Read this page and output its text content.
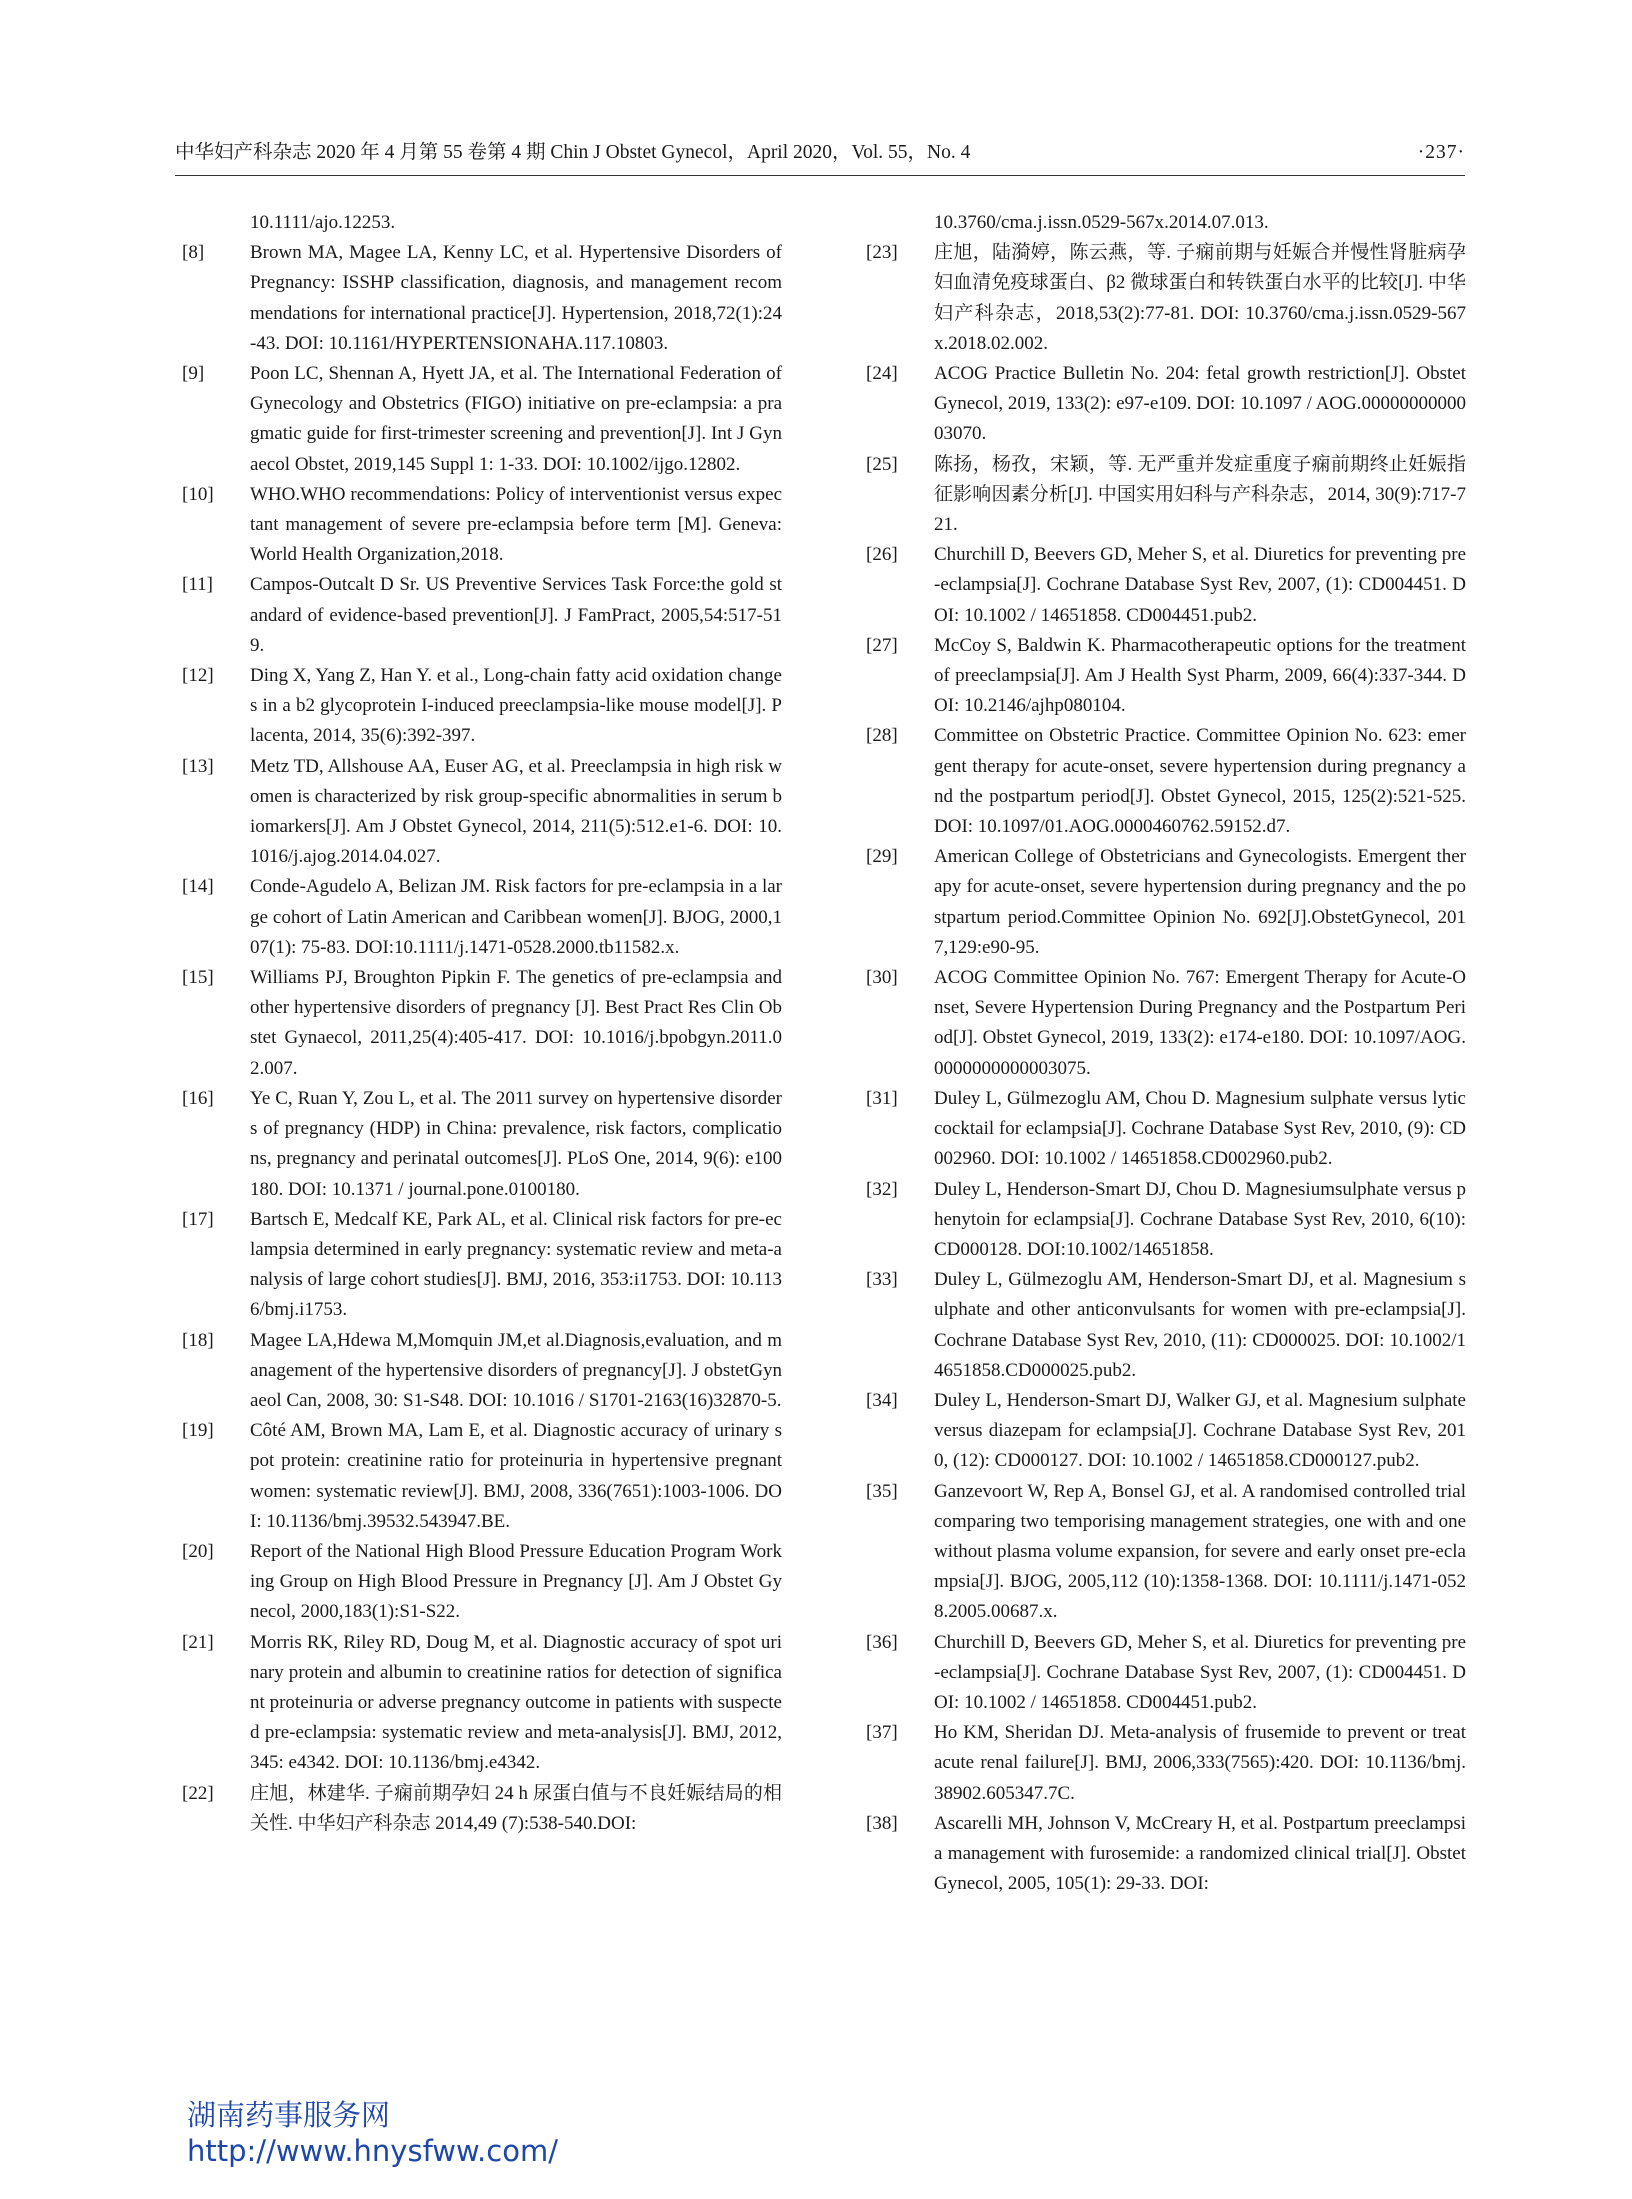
中华妇产科杂志 2020 年 4 月第 55 卷第 4 期 Chin J Obstet Gynecol，April 2020，Vol. 55，No. 4	·237·
10.1111/ajo.12253.
[8]	Brown MA, Magee LA, Kenny LC, et al. Hypertensive Disorders of Pregnancy: ISSHP classification, diagnosis, and management recommendations for international practice[J]. Hypertension, 2018,72(1):24-43. DOI: 10.1161/HYPERTENSIONAHA.117.10803.
[9]	Poon LC, Shennan A, Hyett JA, et al. The International Federation of Gynecology and Obstetrics (FIGO) initiative on pre-eclampsia: a pragmatic guide for first-trimester screening and prevention[J]. Int J Gynaecol Obstet, 2019,145 Suppl 1: 1-33. DOI: 10.1002/ijgo.12802.
[10]	WHO.WHO recommendations: Policy of interventionist versus expectant management of severe pre-eclampsia before term [M]. Geneva:World Health Organization,2018.
[11]	Campos-Outcalt D Sr. US Preventive Services Task Force:the gold standard of evidence-based prevention[J]. J FamPract, 2005,54:517-519.
[12]	Ding X, Yang Z, Han Y. et al., Long-chain fatty acid oxidation changes in a b2 glycoprotein I-induced preeclampsia-like mouse model[J]. Placenta, 2014, 35(6):392-397.
[13]	Metz TD, Allshouse AA, Euser AG, et al. Preeclampsia in high risk women is characterized by risk group-specific abnormalities in serum biomarkers[J]. Am J Obstet Gynecol, 2014, 211(5):512.e1-6. DOI: 10.1016/j.ajog.2014.04.027.
[14]	Conde-Agudelo A, Belizan JM. Risk factors for pre-eclampsia in a large cohort of Latin American and Caribbean women[J]. BJOG, 2000,107(1): 75-83. DOI:10.1111/j.1471-0528.2000.tb11582.x.
[15]	Williams PJ, Broughton Pipkin F. The genetics of pre-eclampsia and other hypertensive disorders of pregnancy [J]. Best Pract Res Clin Obstet Gynaecol, 2011,25(4):405-417. DOI: 10.1016/j.bpobgyn.2011.02.007.
[16]	Ye C, Ruan Y, Zou L, et al. The 2011 survey on hypertensive disorders of pregnancy (HDP) in China: prevalence, risk factors, complications, pregnancy and perinatal outcomes[J]. PLoS One, 2014, 9(6): e100180. DOI: 10.1371 / journal.pone.0100180.
[17]	Bartsch E, Medcalf KE, Park AL, et al. Clinical risk factors for pre-eclampsia determined in early pregnancy: systematic review and meta-analysis of large cohort studies[J]. BMJ, 2016, 353:i1753. DOI: 10.1136/bmj.i1753.
[18]	Magee LA,Hdewa M,Momquin JM,et al.Diagnosis,evaluation, and management of the hypertensive disorders of pregnancy[J]. J obstetGynaeol Can, 2008, 30: S1-S48. DOI: 10.1016 / S1701-2163(16)32870-5.
[19]	Côté AM, Brown MA, Lam E, et al. Diagnostic accuracy of urinary spot protein: creatinine ratio for proteinuria in hypertensive pregnant women: systematic review[J]. BMJ, 2008, 336(7651):1003-1006. DOI: 10.1136/bmj.39532.543947.BE.
[20]	Report of the National High Blood Pressure Education Program Working Group on High Blood Pressure in Pregnancy [J]. Am J Obstet Gynecol, 2000,183(1):S1-S22.
[21]	Morris RK, Riley RD, Doug M, et al. Diagnostic accuracy of spot urinary protein and albumin to creatinine ratios for detection of significant proteinuria or adverse pregnancy outcome in patients with suspected pre-eclampsia: systematic review and meta-analysis[J]. BMJ, 2012, 345: e4342. DOI: 10.1136/bmj.e4342.
[22]	庄旭，林建华. 子痫前期孕妇 24 h 尿蛋白值与不良妊娠结局的相关性. 中华妇产科杂志 2014,49 (7):538-540.DOI:
10.3760/cma.j.issn.0529-567x.2014.07.013.
[23]	庄旭，陆漪婷，陈云燕，等. 子痫前期与妊娠合并慢性肾脏病孕妇血清免疫球蛋白、β2 微球蛋白和转铁蛋白水平的比较[J]. 中华妇产科杂志，2018,53(2):77-81. DOI: 10.3760/cma.j.issn.0529-567x.2018.02.002.
[24]	ACOG Practice Bulletin No. 204: fetal growth restriction[J]. Obstet Gynecol, 2019, 133(2): e97-e109. DOI: 10.1097 / AOG.0000000000003070.
[25]	陈扬，杨孜，宋颖，等. 无严重并发症重度子痫前期终止妊娠指征影响因素分析[J]. 中国实用妇科与产科杂志，2014, 30(9):717-721.
[26]	Churchill D, Beevers GD, Meher S, et al. Diuretics for preventing pre-eclampsia[J]. Cochrane Database Syst Rev, 2007, (1): CD004451. DOI: 10.1002 / 14651858. CD004451.pub2.
[27]	McCoy S, Baldwin K. Pharmacotherapeutic options for the treatment of preeclampsia[J]. Am J Health Syst Pharm, 2009, 66(4):337-344. DOI: 10.2146/ajhp080104.
[28]	Committee on Obstetric Practice. Committee Opinion No. 623: emergent therapy for acute-onset, severe hypertension during pregnancy and the postpartum period[J]. Obstet Gynecol, 2015, 125(2):521-525. DOI: 10.1097/01.AOG.0000460762.59152.d7.
[29]	American College of Obstetricians and Gynecologists. Emergent therapy for acute-onset, severe hypertension during pregnancy and the postpartum period.Committee Opinion No. 692[J].ObstetGynecol, 2017,129:e90-95.
[30]	ACOG Committee Opinion No. 767: Emergent Therapy for Acute-Onset, Severe Hypertension During Pregnancy and the Postpartum Period[J]. Obstet Gynecol, 2019, 133(2): e174-e180. DOI: 10.1097/AOG.0000000000003075.
[31]	Duley L, Gülmezoglu AM, Chou D. Magnesium sulphate versus lytic cocktail for eclampsia[J]. Cochrane Database Syst Rev, 2010, (9): CD002960. DOI: 10.1002 / 14651858.CD002960.pub2.
[32]	Duley L, Henderson-Smart DJ, Chou D. Magnesiumsulphate versus phenytoin for eclampsia[J]. Cochrane Database Syst Rev, 2010, 6(10):CD000128. DOI:10.1002/14651858.
[33]	Duley L, Gülmezoglu AM, Henderson-Smart DJ, et al. Magnesium sulphate and other anticonvulsants for women with pre-eclampsia[J]. Cochrane Database Syst Rev, 2010, (11): CD000025. DOI: 10.1002/14651858.CD000025.pub2.
[34]	Duley L, Henderson-Smart DJ, Walker GJ, et al. Magnesium sulphate versus diazepam for eclampsia[J]. Cochrane Database Syst Rev, 2010, (12): CD000127. DOI: 10.1002 / 14651858.CD000127.pub2.
[35]	Ganzevoort W, Rep A, Bonsel GJ, et al. A randomised controlled trial comparing two temporising management strategies, one with and one without plasma volume expansion, for severe and early onset pre-eclampsia[J]. BJOG, 2005,112 (10):1358-1368. DOI: 10.1111/j.1471-0528.2005.00687.x.
[36]	Churchill D, Beevers GD, Meher S, et al. Diuretics for preventing pre-eclampsia[J]. Cochrane Database Syst Rev, 2007, (1): CD004451. DOI: 10.1002 / 14651858. CD004451.pub2.
[37]	Ho KM, Sheridan DJ. Meta-analysis of frusemide to prevent or treat acute renal failure[J]. BMJ, 2006,333(7565):420. DOI: 10.1136/bmj.38902.605347.7C.
[38]	Ascarelli MH, Johnson V, McCreary H, et al. Postpartum preeclampsia management with furosemide: a randomized clinical trial[J]. Obstet Gynecol, 2005, 105(1): 29-33. DOI:
湖南药事服务网
http://www.hnysfww.com/
